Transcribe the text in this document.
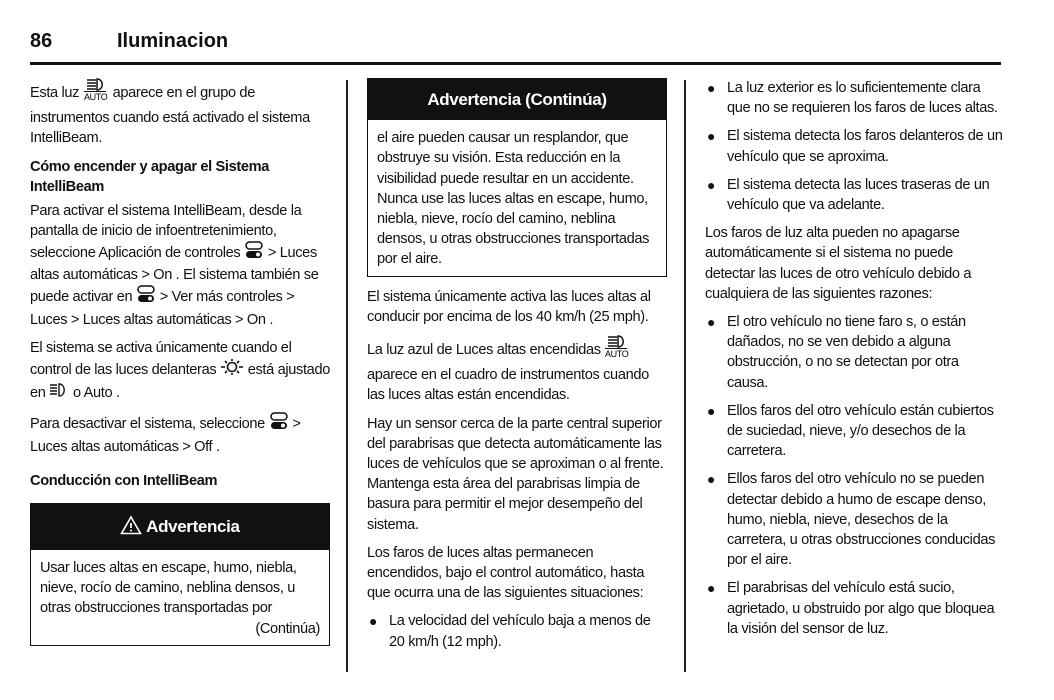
86	Iluminacion

Esta luz AUTO aparece en el grupo de instrumentos cuando está activado el sistema IntelliBeam.

Cómo encender y apagar el Sistema IntelliBeam

Para activar el sistema IntelliBeam, desde la pantalla de inicio de infoentretenimiento, seleccione Aplicación de controles > Luces altas automáticas > On . El sistema también se puede activar en > Ver más controles > Luces > Luces altas automáticas > On .

El sistema se activa únicamente cuando el control de las luces delanteras está ajustado en o Auto .

Para desactivar el sistema, seleccione > Luces altas automáticas > Off .

Conducción con IntelliBeam
Advertencia
Usar luces altas en escape, humo, niebla, nieve, rocío de camino, neblina densos, u otras obstrucciones transportadas por
(Continúa)
Advertencia (Continúa)
el aire pueden causar un resplandor, que obstruye su visión. Esta reducción en la visibilidad puede resultar en un accidente. Nunca use las luces altas en escape, humo, niebla, nieve, rocío del camino, neblina densos, u otras obstrucciones transportadas por el aire.

El sistema únicamente activa las luces altas al conducir por encima de los 40 km/h (25 mph).

La luz azul de Luces altas encendidas AUTO
aparece en el cuadro de instrumentos cuando las luces altas están encendidas.

Hay un sensor cerca de la parte central superior del parabrisas que detecta automáticamente las luces de vehículos que se aproximan o al frente. Mantenga esta área del parabrisas limpia de basura para permitir el mejor desempeño del sistema.

Los faros de luces altas permanecen encendidos, bajo el control automático, hasta que ocurra una de las siguientes situaciones:

● La velocidad del vehículo baja a menos de 20 km/h (12 mph).
● La luz exterior es lo suficientemente clara que no se requieren los faros de luces altas.
● El sistema detecta los faros delanteros de un vehículo que se aproxima.
● El sistema detecta las luces traseras de un vehículo que va adelante.

Los faros de luz alta pueden no apagarse automáticamente si el sistema no puede detectar las luces de otro vehículo debido a cualquiera de las siguientes razones:

● El otro vehículo no tiene faro s, o están dañados, no se ven debido a alguna obstrucción, o no se detectan por otra causa.
● Ellos faros del otro vehículo están cubiertos de suciedad, nieve, y/o desechos de la carretera.
● Ellos faros del otro vehículo no se pueden detectar debido a humo de escape denso, humo, niebla, nieve, desechos de la carretera, u otras obstrucciones conducidas por el aire.
● El parabrisas del vehículo está sucio, agrietado, u obstruido por algo que bloquea la visión del sensor de luz.
